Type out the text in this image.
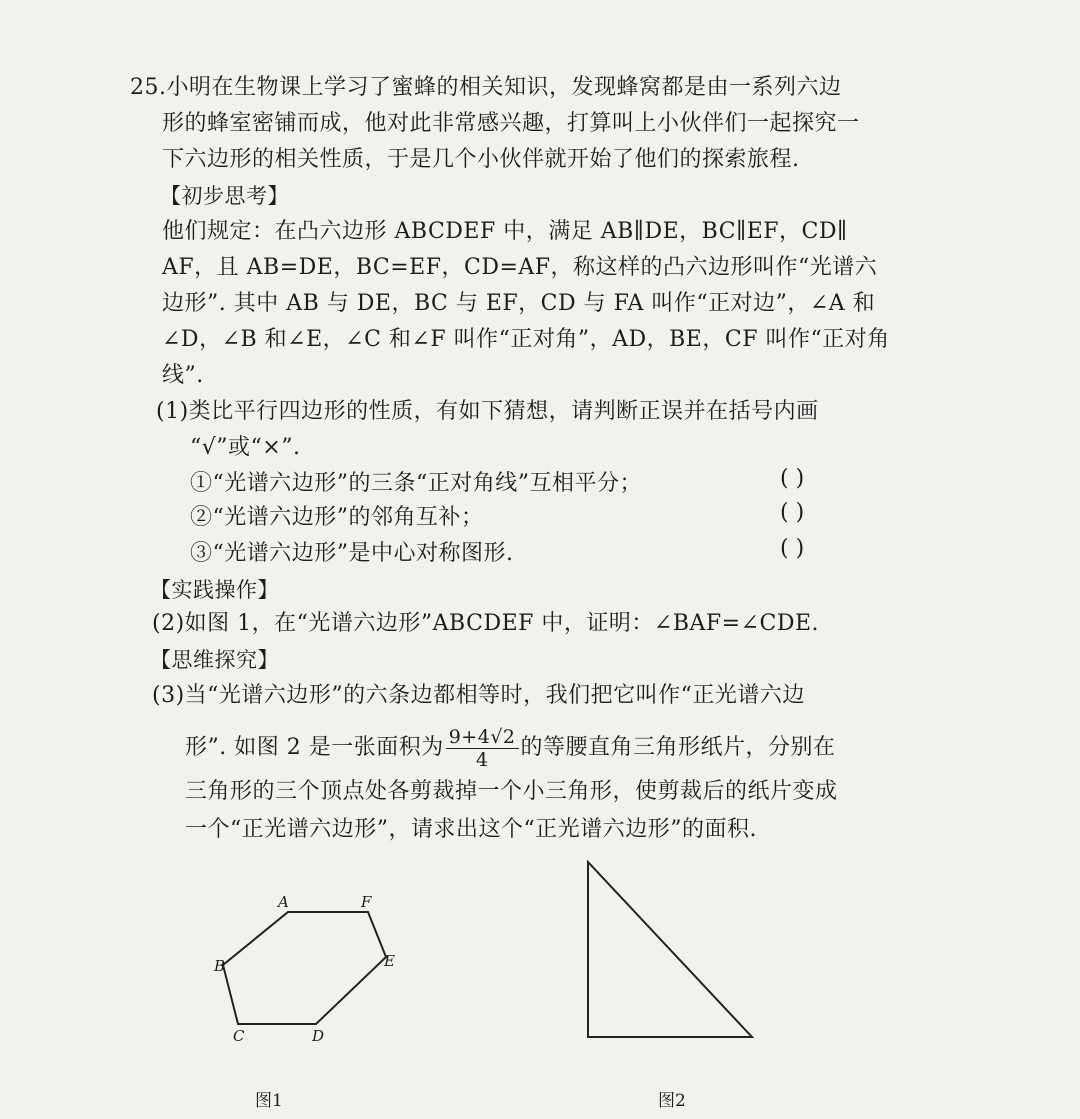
25.小明在生物课上学习了蜜蜂的相关知识，发现蜂窝都是由一系列六边
形的蜂室密铺而成，他对此非常感兴趣，打算叫上小伙伴们一起探究一
下六边形的相关性质，于是几个小伙伴就开始了他们的探索旅程.
【初步思考】
他们规定：在凸六边形 ABCDEF 中，满足 AB∥DE，BC∥EF，CD∥
AF，且 AB=DE，BC=EF，CD=AF，称这样的凸六边形叫作“光谱六
边形”. 其中 AB 与 DE，BC 与 EF，CD 与 FA 叫作“正对边”，∠A 和
∠D，∠B 和∠E，∠C 和∠F 叫作“正对角”，AD，BE，CF 叫作“正对角
线”.
(1)类比平行四边形的性质，有如下猜想，请判断正误并在括号内画
“√”或“×”.
①“光谱六边形”的三条“正对角线”互相平分；	( )
②“光谱六边形”的邻角互补；	( )
③“光谱六边形”是中心对称图形.	( )
【实践操作】
(2)如图 1，在“光谱六边形”ABCDEF 中，证明：∠BAF=∠CDE.
【思维探究】
(3)当“光谱六边形”的六条边都相等时，我们把它叫作“正光谱六边
形”. 如图 2 是一张面积为 $\frac{9+4√2}{4}$ 的等腰直角三角形纸片，分别在
三角形的三个顶点处各剪裁掉一个小三角形，使剪裁后的纸片变成
一个“正光谱六边形”，请求出这个“正光谱六边形”的面积.
A	F
B	E
C	D
图1	图2
